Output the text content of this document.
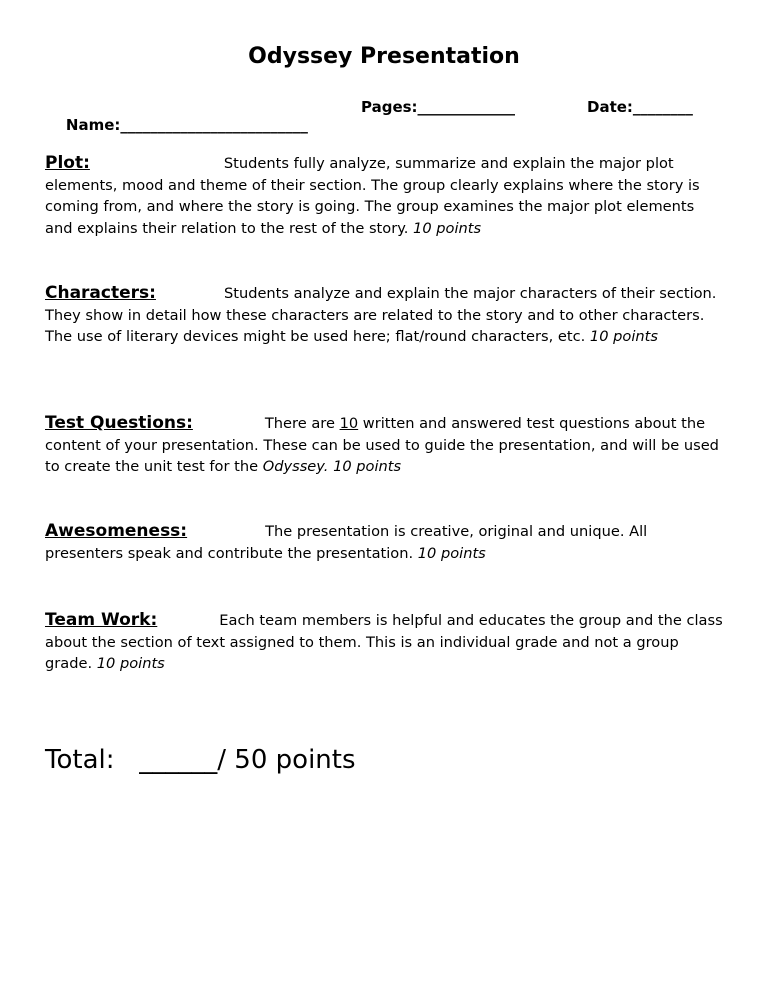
Odyssey Presentation

Name:_________________________

Pages:_____________

	Date:________

Plot:	Students fully analyze, summarize and explain the major plot elements, mood and theme of their section. The group clearly explains where the story is coming from, and where the story is going. The group examines the major plot elements and explains their relation to the rest of the story. 10 points
Characters:	Students analyze and explain the major characters of their section. They show in detail how these characters are related to the story and to other characters. The use of literary devices might be used here; flat/round characters, etc. 10 points
Test Questions:	There are 10 written and answered test questions about the content of your presentation. These can be used to guide the presentation, and will be used to create the unit test for the Odyssey. 10 points
Awesomeness:	The presentation is creative, original and unique. All presenters speak and contribute the presentation. 10 points
Team Work:	Each team members is helpful and educates the group and the class about the section of text assigned to them. This is an individual grade and not a group grade. 10 points
Total: ______/ 50 points
